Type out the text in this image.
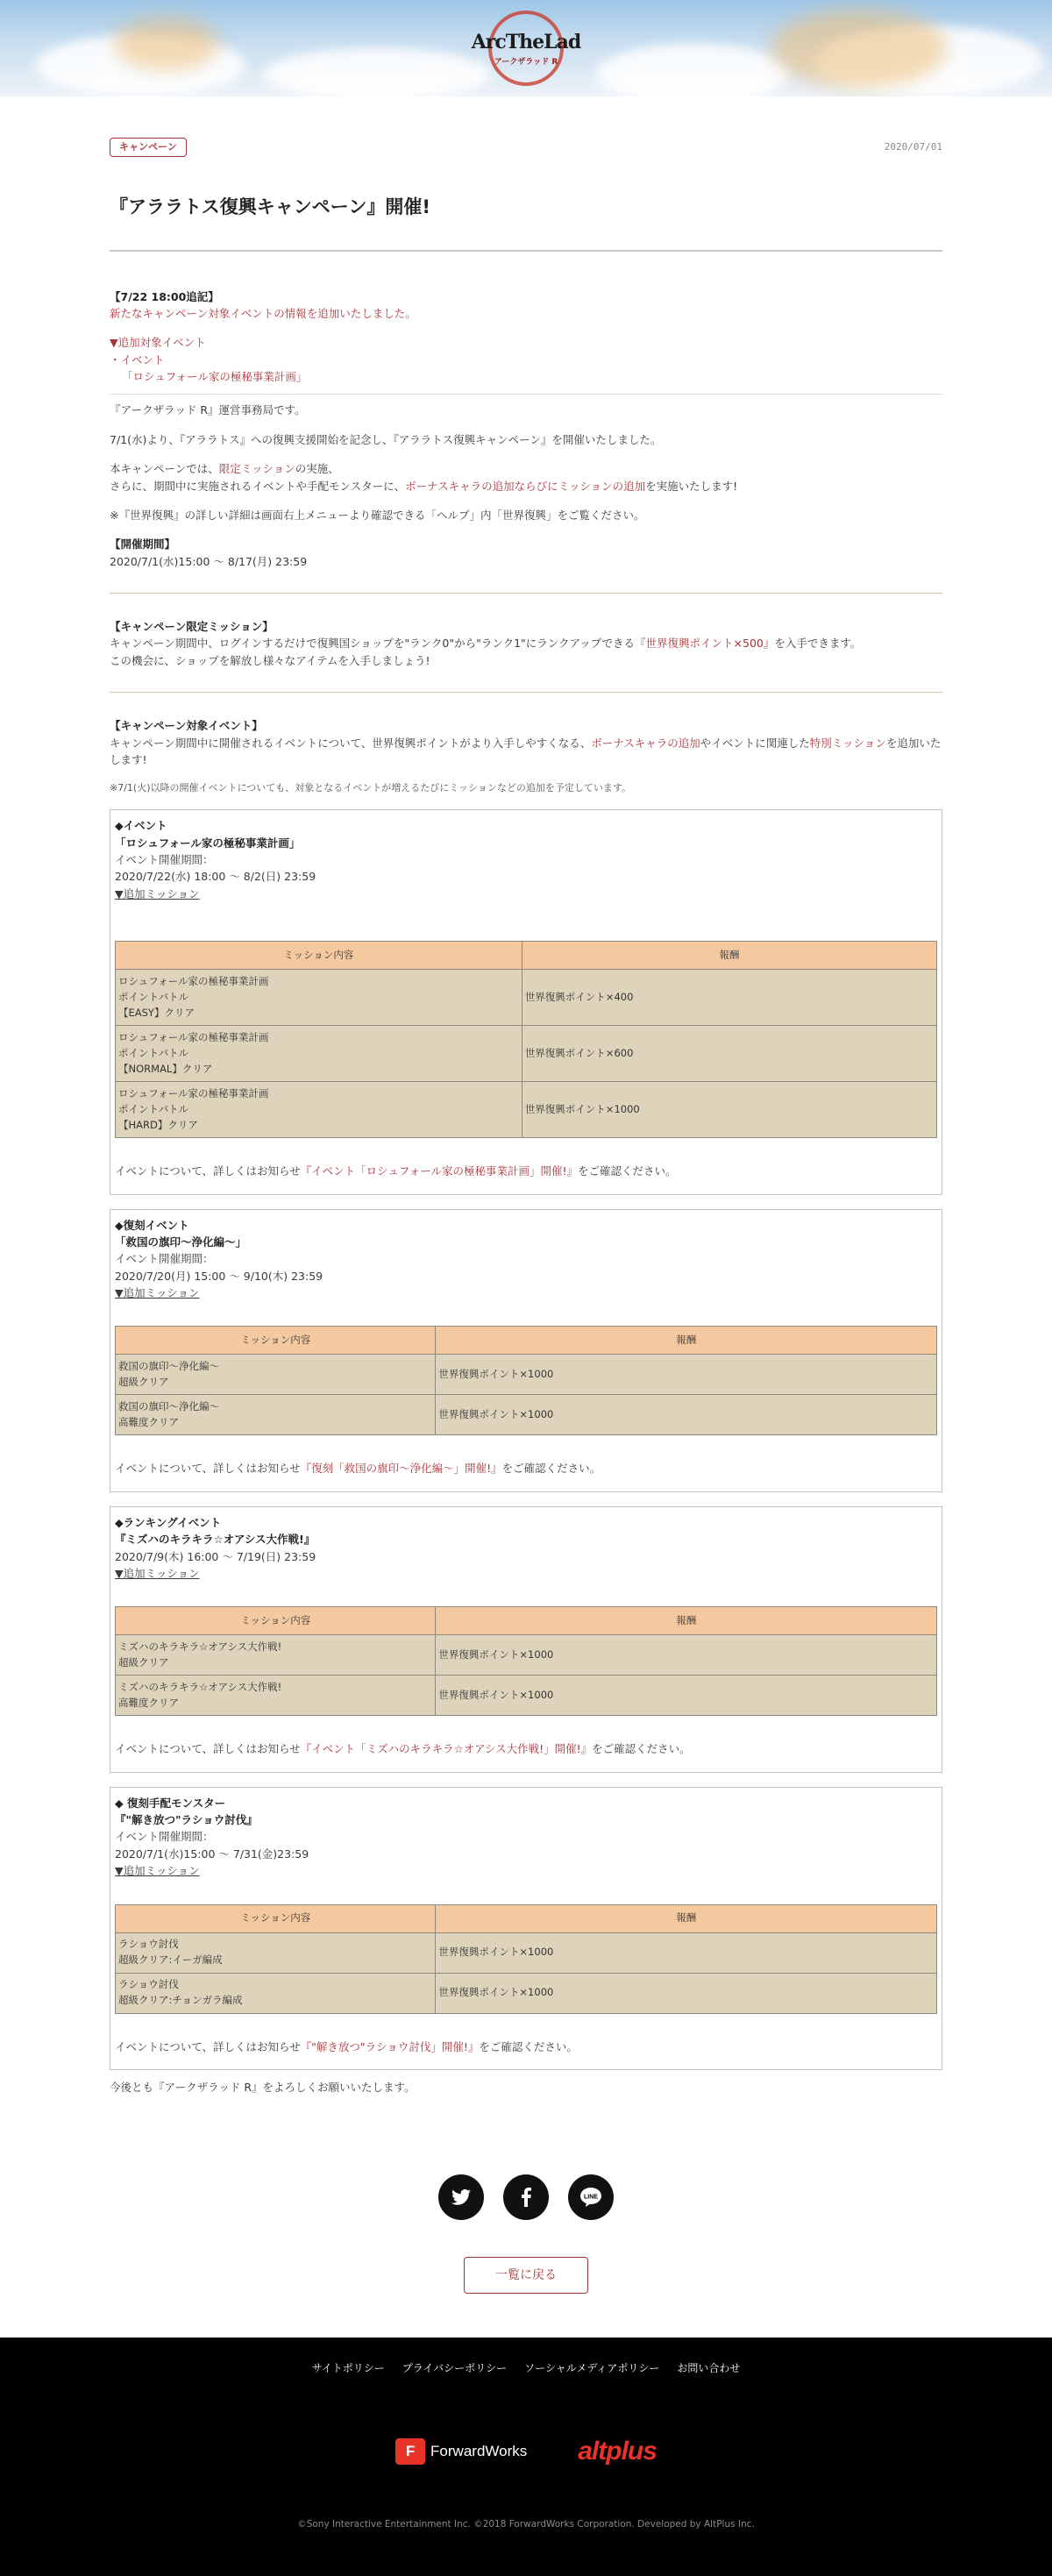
ArcTheLad
アークザラッド R
キャンペーン	2020/07/01
『アララトス復興キャンペーン』開催!
【7/22 18:00追記】
新たなキャンペーン対象イベントの情報を追加いたしました。
▼追加対象イベント
・イベント
「ロシュフォール家の極秘事業計画」
『アークザラッド R』運営事務局です。
7/1(水)より、『アララトス』への復興支援開始を記念し、『アララトス復興キャンペーン』を開催いたしました。
本キャンペーンでは、限定ミッションの実施、
さらに、期間中に実施されるイベントや手配モンスターに、ボーナスキャラの追加ならびにミッションの追加を実施いたします!
※『世界復興』の詳しい詳細は画面右上メニューより確認できる「ヘルプ」内「世界復興」をご覧ください。
【開催期間】
2020/7/1(水)15:00 ～ 8/17(月) 23:59
【キャンペーン限定ミッション】
キャンペーン期間中、ログインするだけで復興国ショップを"ランク0"から"ランク1"にランクアップできる『世界復興ポイント×500』を入手できます。
この機会に、ショップを解放し様々なアイテムを入手しましょう!
【キャンペーン対象イベント】
キャンペーン期間中に開催されるイベントについて、世界復興ポイントがより入手しやすくなる、ボーナスキャラの追加やイベントに関連した特別ミッションを追加いたします!
※7/1(火)以降の開催イベントについても、対象となるイベントが増えるたびにミッションなどの追加を予定しています。
◆イベント
「ロシュフォール家の極秘事業計画」
イベント開催期間：
2020/7/22(水) 18:00 ～ 8/2(日) 23:59
▼追加ミッション
ミッション内容	報酬

ロシュフォール家の極秘事業計画
ポイントバトル
【EASY】クリア	世界復興ポイント×400

ロシュフォール家の極秘事業計画
ポイントバトル
【NORMAL】クリア	世界復興ポイント×600

ロシュフォール家の極秘事業計画
ポイントバトル
【HARD】クリア	世界復興ポイント×1000
イベントについて、詳しくはお知らせ『イベント「ロシュフォール家の極秘事業計画」開催!』をご確認ください。
◆復刻イベント
「救国の旗印～浄化編～」
イベント開催期間：
2020/7/20(月) 15:00 ～ 9/10(木) 23:59
▼追加ミッション
ミッション内容	報酬

救国の旗印～浄化編～
超級クリア	世界復興ポイント×1000

救国の旗印～浄化編～
高難度クリア	世界復興ポイント×1000
イベントについて、詳しくはお知らせ『復刻「救国の旗印～浄化編～」開催!』をご確認ください。
◆ランキングイベント
『ミズハのキラキラ☆オアシス大作戦!』
2020/7/9(木) 16:00 ～ 7/19(日) 23:59
▼追加ミッション
ミッション内容	報酬

ミズハのキラキラ☆オアシス大作戦!
超級クリア	世界復興ポイント×1000

ミズハのキラキラ☆オアシス大作戦!
高難度クリア	世界復興ポイント×1000
イベントについて、詳しくはお知らせ『イベント「ミズハのキラキラ☆オアシス大作戦!」開催!』をご確認ください。
◆ 復刻手配モンスター
『"解き放つ"ラショウ討伐』
イベント開催期間：
2020/7/1(水)15:00 ～ 7/31(金)23:59
▼追加ミッション
ミッション内容	報酬

ラショウ討伐
超級クリア:イーガ編成	世界復興ポイント×1000

ラショウ討伐
超級クリア:チョンガラ編成	世界復興ポイント×1000
イベントについて、詳しくはお知らせ『"解き放つ"ラショウ討伐」開催!』をご確認ください。
今後とも『アークザラッド R』をよろしくお願いいたします。
LINE
一覧に戻る
サイトポリシー プライバシーポリシー ソーシャルメディアポリシー お問い合わせ
F	ForwardWorks altplus
©Sony Interactive Entertainment Inc. ©2018 ForwardWorks Corporation. Developed by AltPlus Inc.
